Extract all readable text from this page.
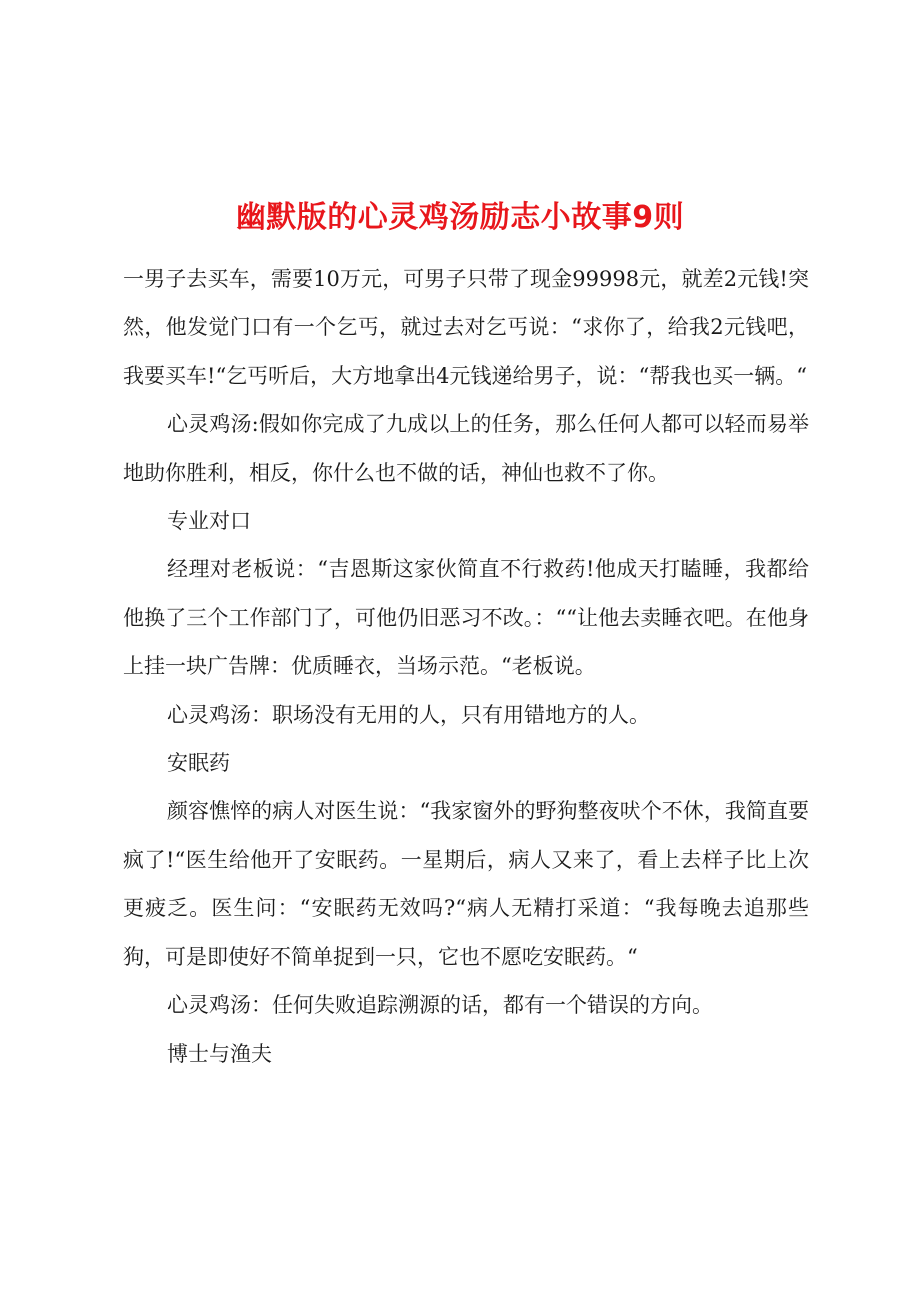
幽默版的心灵鸡汤励志小故事9则

一男子去买车，需要10万元，可男子只带了现金99998元，就差2元钱!突然，他发觉门口有一个乞丐，就过去对乞丐说：“求你了，给我2元钱吧，我要买车!“乞丐听后，大方地拿出4元钱递给男子，说：“帮我也买一辆。“

心灵鸡汤:假如你完成了九成以上的任务，那么任何人都可以轻而易举地助你胜利，相反，你什么也不做的话，神仙也救不了你。

专业对口

经理对老板说：“吉恩斯这家伙简直不行救药!他成天打瞌睡，我都给他换了三个工作部门了，可他仍旧恶习不改。：““让他去卖睡衣吧。在他身上挂一块广告牌：优质睡衣，当场示范。“老板说。

心灵鸡汤：职场没有无用的人，只有用错地方的人。

安眠药

颜容憔悴的病人对医生说：“我家窗外的野狗整夜吠个不休，我简直要疯了!“医生给他开了安眠药。一星期后，病人又来了，看上去样子比上次更疲乏。医生问：“安眠药无效吗?“病人无精打采道：“我每晚去追那些狗，可是即使好不简单捉到一只，它也不愿吃安眠药。“

心灵鸡汤：任何失败追踪溯源的话，都有一个错误的方向。

博士与渔夫
